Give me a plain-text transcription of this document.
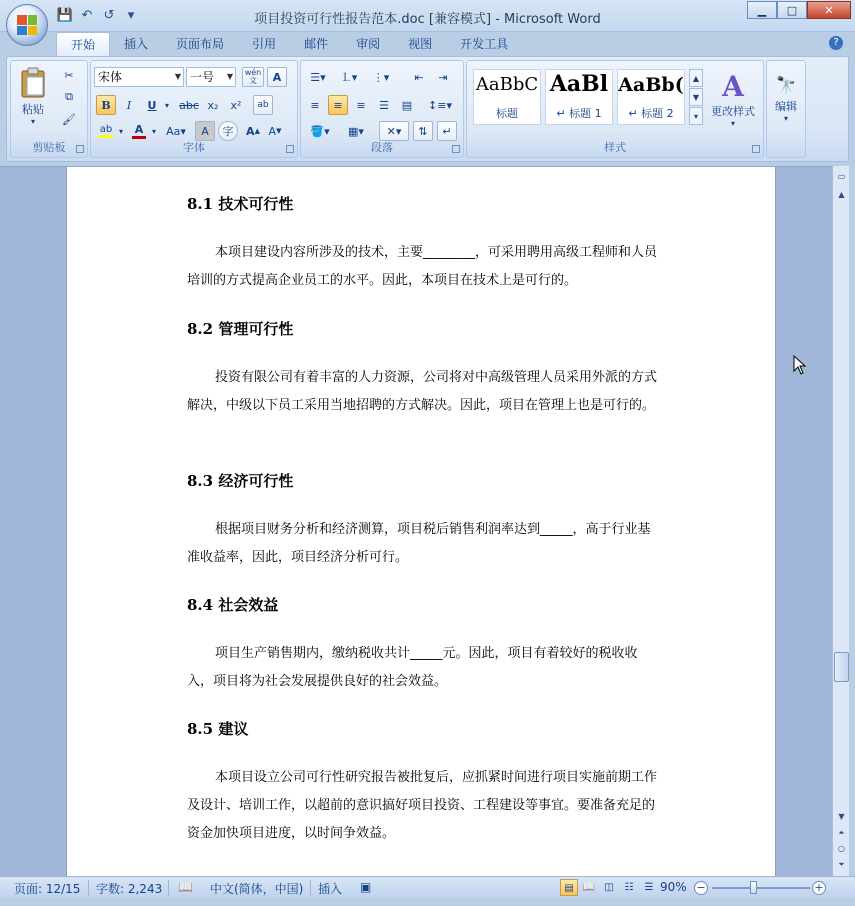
项目投资可行性报告范本.doc [兼容模式] - Microsoft Word
💾 ↶ ↺	▾	▁	□	✕
开始	插入	页面布局	引用	邮件	审阅	视图	开发工具	?
粘贴
▾
✂
⧉
🖌
剪贴板
宋体	▼ 一号 ▼ wén
文	A
B	I	U	▾ abc x₂	x²	ab
ab ▾ A	▾ Aa▾	A	字	A ▲ A ▼
字体
☰▾	⒈▾	⋮▾	⇤	⇥
≡	≡	≡	☰	▤	↕≡▾
🪣▾	▦▾	✕▾	⇅	↵
段落
AaBbC
标题
AaBl
↵ 标题 1
AaBb(
↵ 标题 2
▲
▼
▾
A
更改样式
▾
样式
🔭
编辑
▾
8.1 技术可行性
本项目建设内容所涉及的技术，主要________，可采用聘用高级工程师和人员培训的方式提高企业员工的水平。因此，本项目在技术上是可行的。
8.2 管理可行性
投资有限公司有着丰富的人力资源，公司将对中高级管理人员采用外派的方式解决，中级以下员工采用当地招聘的方式解决。因此，项目在管理上也是可行的。
8.3 经济可行性
根据项目财务分析和经济测算，项目税后销售利润率达到_____，高于行业基准收益率，因此，项目经济分析可行。
8.4 社会效益
项目生产销售期内，缴纳税收共计_____元。因此，项目有着较好的税收收入，项目将为社会发展提供良好的社会效益。
8.5 建议
本项目设立公司可行性研究报告被批复后，应抓紧时间进行项目实施前期工作及设计、培训工作，以超前的意识搞好项目投资、工程建设等事宜。要准备充足的资金加快项目进度，以时间争效益。
▭
▲
▼
⏶
○
⏷
页面: 12/15 字数: 2,243 📖 中文(简体，中国) 插入 ▣	▤ 📖 ◫	☷	☰ 90% −	+
